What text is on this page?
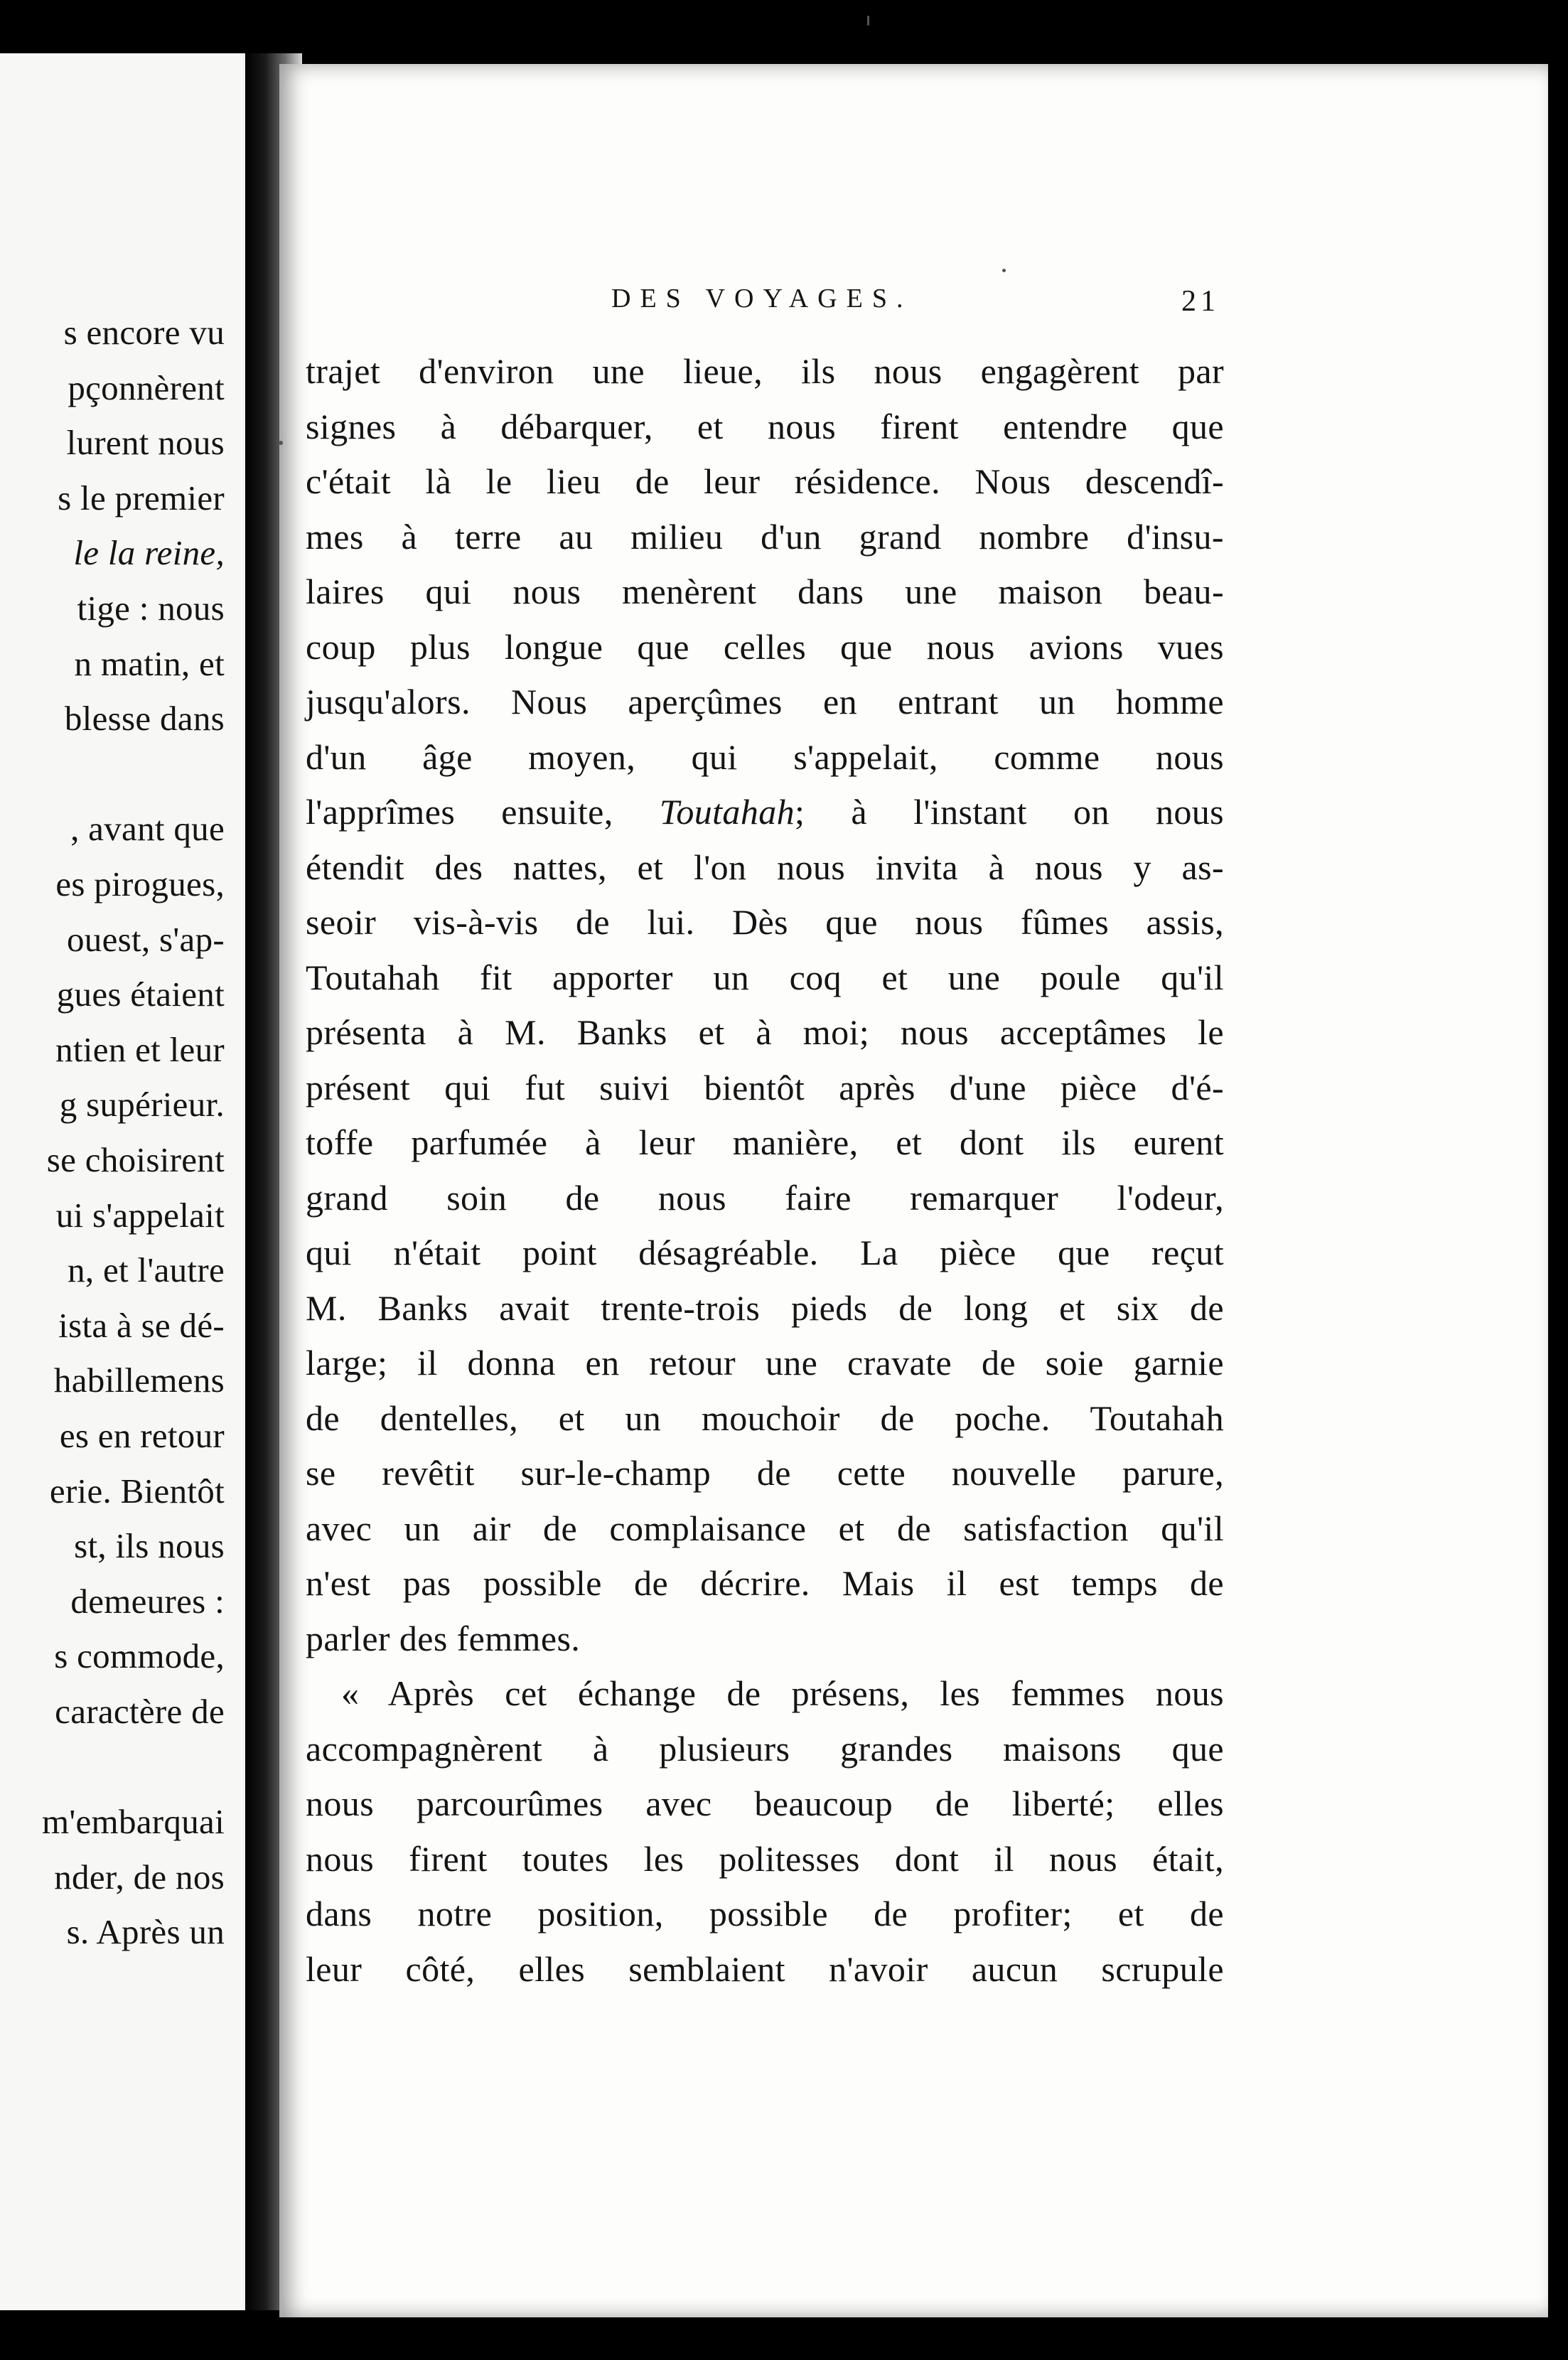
s encore vu
pçonnèrent
lurent nous
s le premier
le la reine,
tige : nous
n matin, et
blesse dans
, avant que
es pirogues,
ouest, s'ap-
gues étaient
ntien et leur
g supérieur.
se choisirent
ui s'appelait
n, et l'autre
ista à se dé-
habillemens
es en retour
erie. Bientôt
st, ils nous
demeures :
s commode,
caractère de
m'embarquai
nder, de nos
s. Après un
DES VOYAGES.	21
trajet d'environ une lieue, ils nous engagèrent par
signes à débarquer, et nous firent entendre que
c'était là le lieu de leur résidence. Nous descendî-
mes à terre au milieu d'un grand nombre d'insu-
laires qui nous menèrent dans une maison beau-
coup plus longue que celles que nous avions vues
jusqu'alors. Nous aperçûmes en entrant un homme
d'un âge moyen, qui s'appelait, comme nous
l'apprîmes ensuite, Toutahah; à l'instant on nous
étendit des nattes, et l'on nous invita à nous y as-
seoir vis-à-vis de lui. Dès que nous fûmes assis,
Toutahah fit apporter un coq et une poule qu'il
présenta à M. Banks et à moi; nous acceptâmes le
présent qui fut suivi bientôt après d'une pièce d'é-
toffe parfumée à leur manière, et dont ils eurent
grand soin de nous faire remarquer l'odeur,
qui n'était point désagréable. La pièce que reçut
M. Banks avait trente-trois pieds de long et six de
large; il donna en retour une cravate de soie garnie
de dentelles, et un mouchoir de poche. Toutahah
se revêtit sur-le-champ de cette nouvelle parure,
avec un air de complaisance et de satisfaction qu'il
n'est pas possible de décrire. Mais il est temps de
parler des femmes.
« Après cet échange de présens, les femmes nous
accompagnèrent à plusieurs grandes maisons que
nous parcourûmes avec beaucoup de liberté; elles
nous firent toutes les politesses dont il nous était,
dans notre position, possible de profiter; et de
leur côté, elles semblaient n'avoir aucun scrupule
